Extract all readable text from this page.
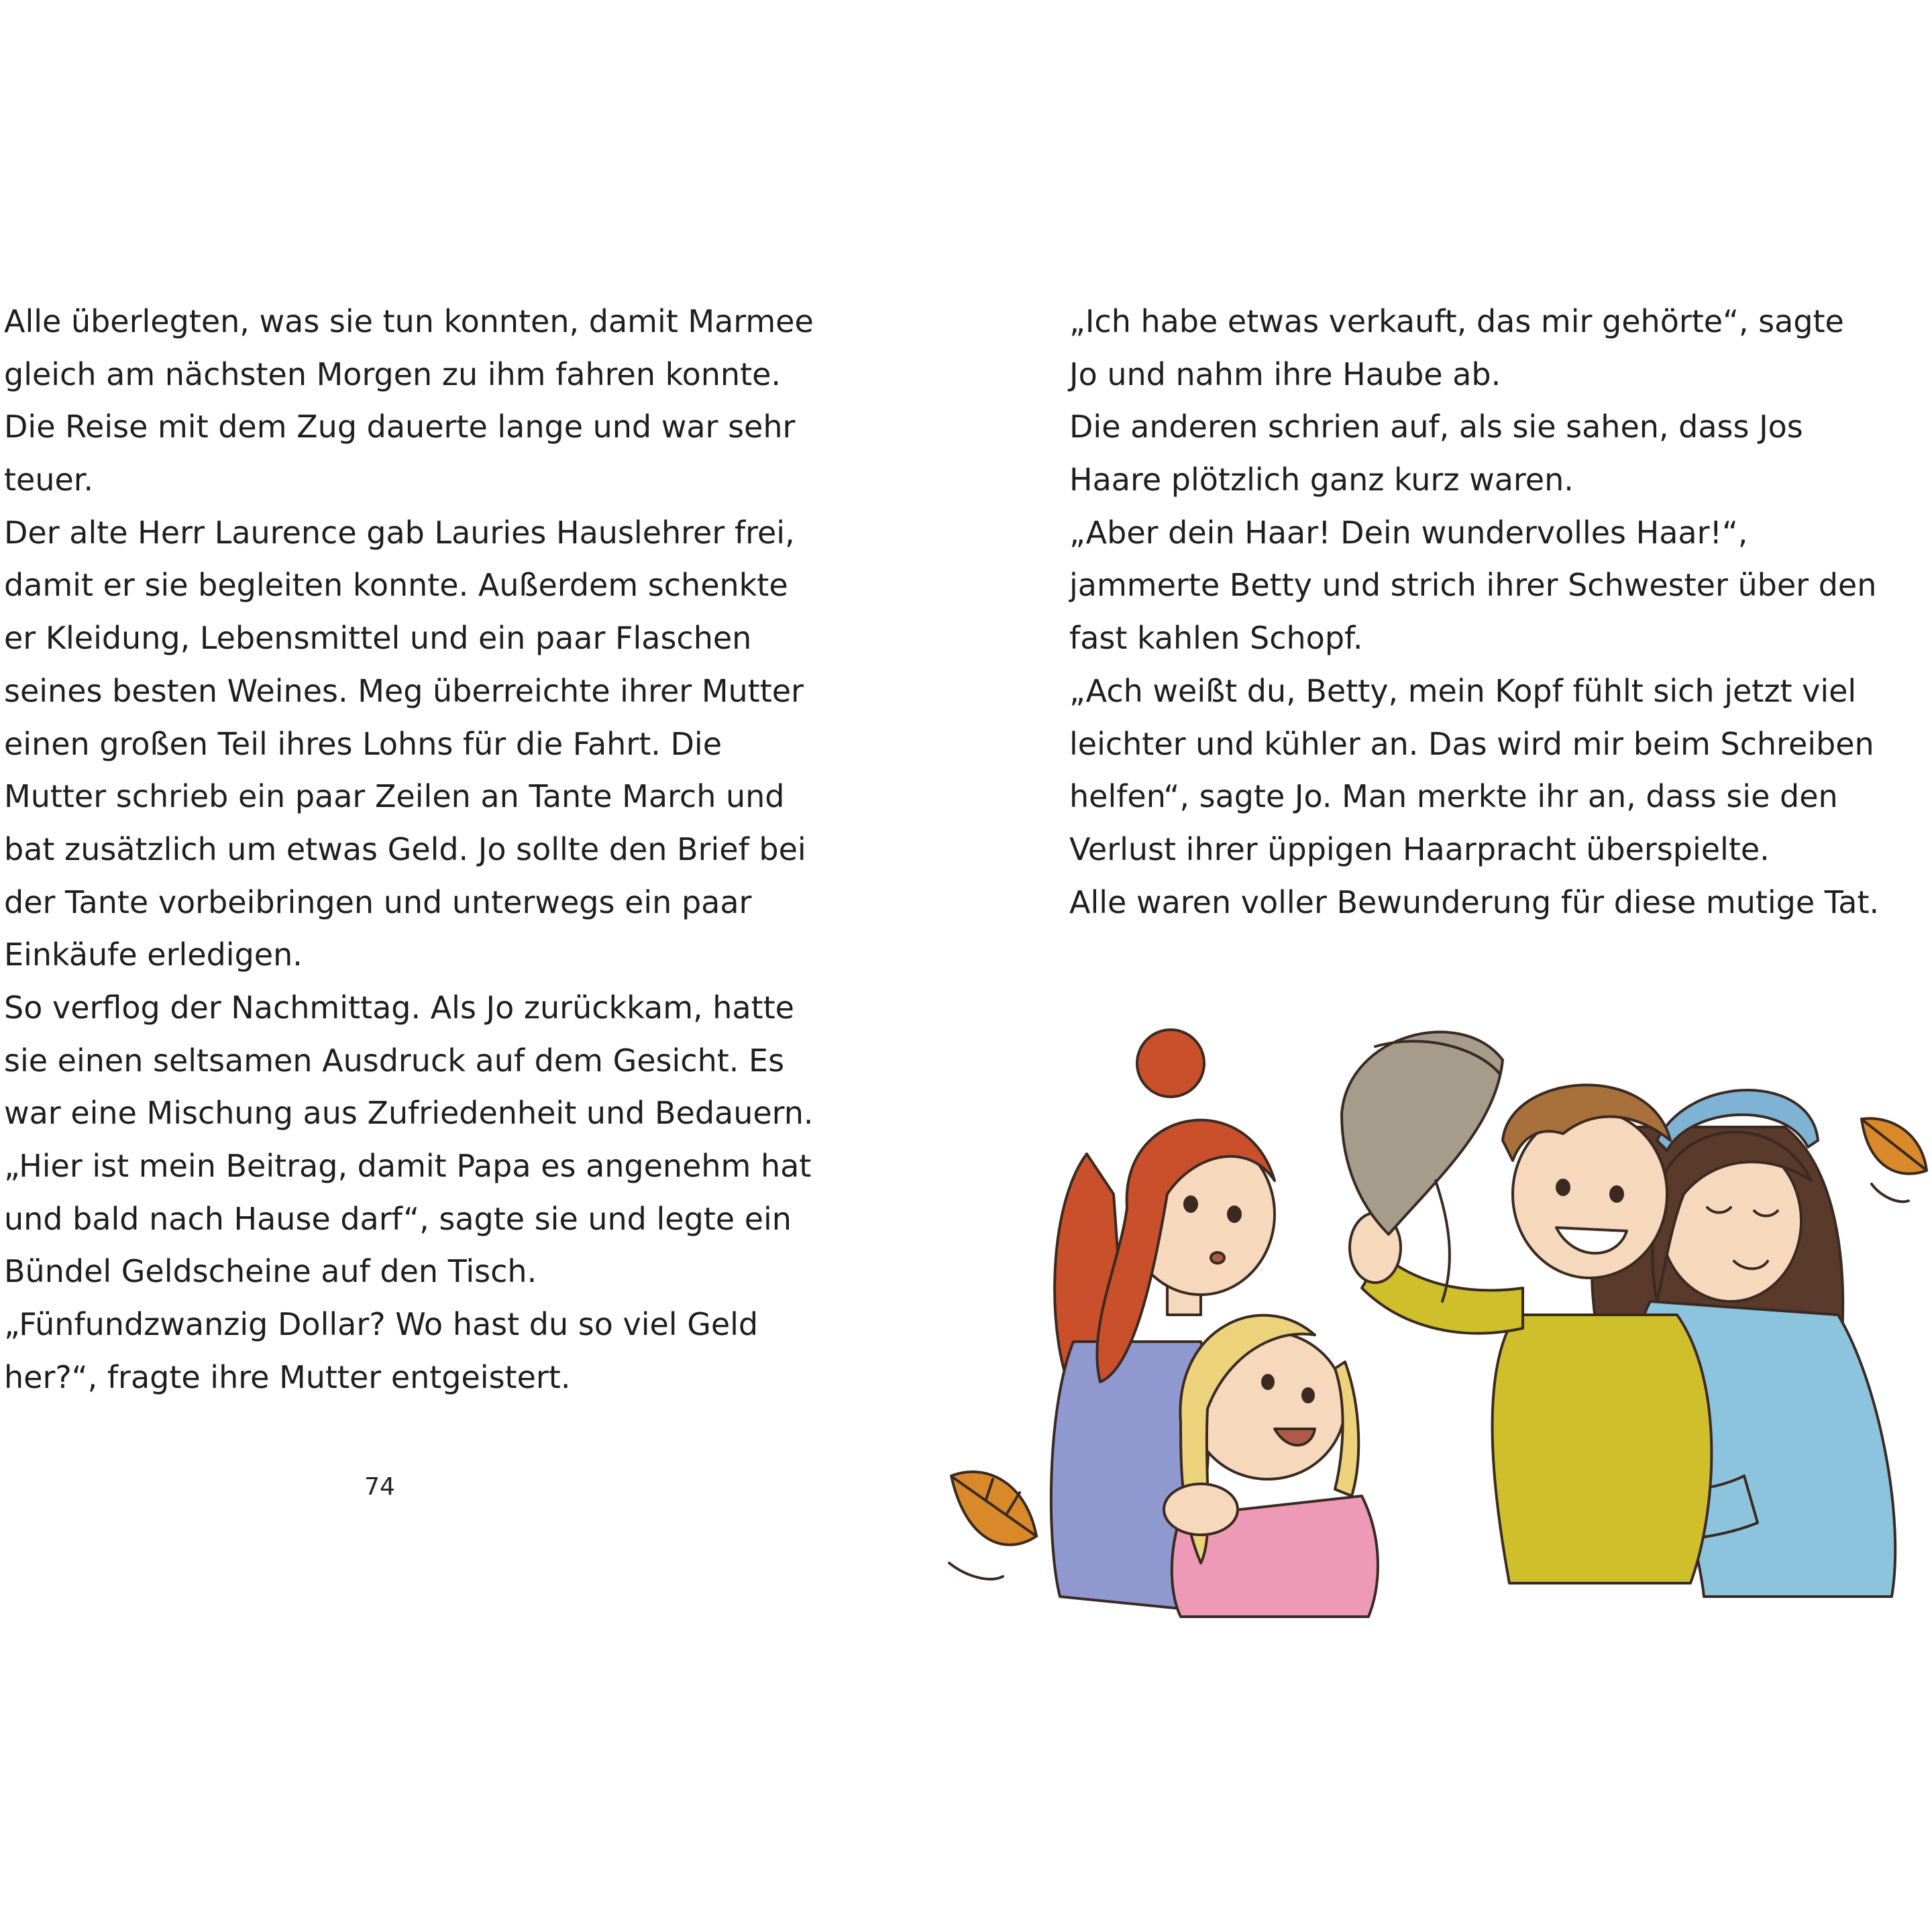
Alle überlegten, was sie tun konnten, damit Marmee
gleich am nächsten Morgen zu ihm fahren konnte.
Die Reise mit dem Zug dauerte lange und war sehr
teuer.
Der alte Herr Laurence gab Lauries Hauslehrer frei,
damit er sie begleiten konnte. Außerdem schenkte
er Kleidung, Lebensmittel und ein paar Flaschen
seines besten Weines. Meg überreichte ihrer Mutter
einen großen Teil ihres Lohns für die Fahrt. Die
Mutter schrieb ein paar Zeilen an Tante March und
bat zusätzlich um etwas Geld. Jo sollte den Brief bei
der Tante vorbeibringen und unterwegs ein paar
Einkäufe erledigen.
So verflog der Nachmittag. Als Jo zurückkam, hatte
sie einen seltsamen Ausdruck auf dem Gesicht. Es
war eine Mischung aus Zufriedenheit und Bedauern.
„Hier ist mein Beitrag, damit Papa es angenehm hat
und bald nach Hause darf“, sagte sie und legte ein
Bündel Geldscheine auf den Tisch.
„Fünfundzwanzig Dollar? Wo hast du so viel Geld
her?“, fragte ihre Mutter entgeistert.
74
„Ich habe etwas verkauft, das mir gehörte“, sagte
Jo und nahm ihre Haube ab.
Die anderen schrien auf, als sie sahen, dass Jos
Haare plötzlich ganz kurz waren.
„Aber dein Haar! Dein wundervolles Haar!“,
jammerte Betty und strich ihrer Schwester über den
fast kahlen Schopf.
„Ach weißt du, Betty, mein Kopf fühlt sich jetzt viel
leichter und kühler an. Das wird mir beim Schreiben
helfen“, sagte Jo. Man merkte ihr an, dass sie den
Verlust ihrer üppigen Haarpracht überspielte.
Alle waren voller Bewunderung für diese mutige Tat.
